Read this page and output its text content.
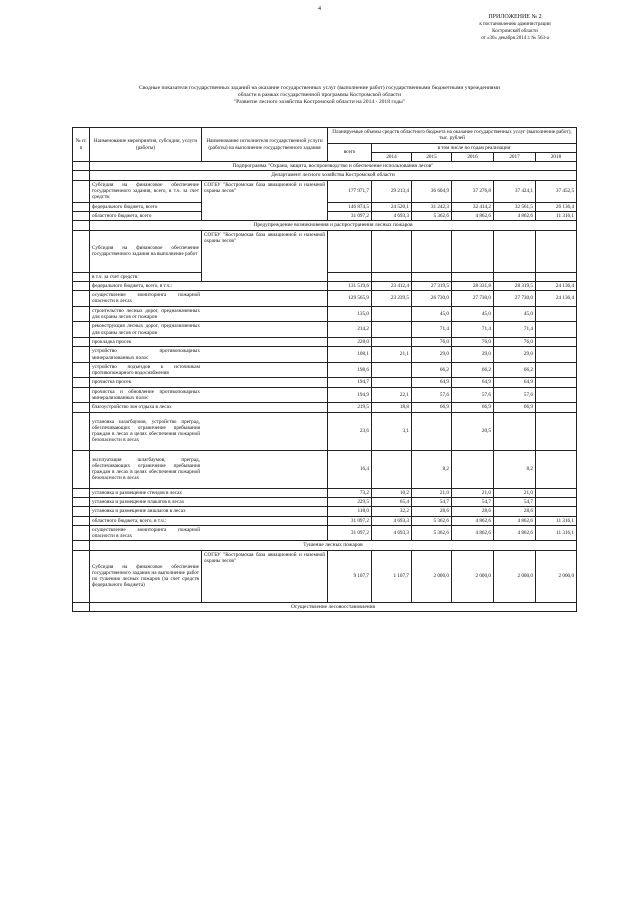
4
ПРИЛОЖЕНИЕ № 2
к постановлению администрации
Костромской области
от «30» декабря 2014 г. № 563-а
Сводные показатели государственных заданий на оказание государственных услуг (выполнение работ) государственными бюджетными учреждениями
области в рамках государственной программы Костромской области
"Развитие лесного хозяйства Костромской области на 2014 - 2018 годы"
№ п/п	Наименование мероприятия, субсидии, услуги (работы)	Наименование исполнителя государственной услуги (работы) на выполнение государственного задания	Планируемые объемы средств областного бюджета на оказание государственных услуг (выполнение работ), тыс. рублей					
			всего	в том числе по годам реализации				
				2014	2015	2016	2017	2018
	Подпрограмма "Охрана, защита, воспроизводство и обеспечение использования лесов"							
	Департамент лесного хозяйства Костромской области							
	Субсидия на финансовое обеспечение государственного задания, всего, в т.ч. за счет средств:	СОГБУ "Костромская база авиационной и наземной охраны лесов"	177 971,7	29 213,4	36 604,9	37 276,8	37 424,1	37 452,5
	федерального бюджета, всего		146 874,5	24 520,1	31 242,3	32 414,2	32 561,5	26 136,4
	областного бюджета, всего		31 097,2	4 693,3	5 362,6	4 862,6	4 862,6	11 316,1
	Предупреждение возникновения и распространения лесных пожаров							
	Субсидия на финансовое обеспечение государственного задания на выполнение работ	СОГБУ "Костромская база авиационной и наземной охраны лесов"						
	в т.ч. за счет средств:							

	федерального бюджета, всего, в т.ч.:		131 519,6	23 412,4	27 319,5	28 331,8	28 319,5	24 136,4

	осуществление мониторинга пожарной опасности в лесах		129 565,9	23 239,5	26 730,0	27 730,0	27 730,0	24 136,4

	строительство лесных дорог, предназначенных для охраны лесов от пожаров		135,0		45,0	45,0	45,0	

	реконструкция лесных дорог, предназначенных для охраны лесов от пожаров		214,2		71,4	71,4	71,4	

	прокладка просек		228,0		76,0	76,0	76,0	

	устройство противопожарных минерализованных полос		108,1	21,1	29,0	29,0	29,0	

	устройство подъездов к источникам противопожарного водоснабжения		198,6		66,2	66,2	66,2	

	прочистка просек		194,7		64,9	64,9	64,9	

	прочистка и обновление противопожарных минерализованных полос		194,9	22,1	57,6	57,6	57,6	

	благоустройство зон отдыха в лесах		219,5	18,8	66,9	66,9	66,9	

	установка шлагбаумов, устройство преград, обеспечивающих ограничение пребывания граждан в лесах в целях обеспечения пожарной безопасности в лесах		23,6	3,1		20,5		

	эксплуатация шлагбаумов, преград, обеспечивающих ограничение пребывания граждан в лесах в целях обеспечения пожарной безопасности в лесах		16,4		8,2		8,2	

	установка и размещение стендов в лесах		73,2	10,2	21,0	21,0	21,0	

	установка и размещение плакатов в лесах		229,5	65,4	54,7	54,7	54,7	

	установка и размещение аншлагов в лесах		118,0	32,2	28,6	28,6	28,6	

	областного бюджета, всего, в т.ч.:		31 097,2	4 693,3	5 362,6	4 862,6	4 862,6	11 316,1

	осуществление мониторинга пожарной опасности в лесах		31 097,2	4 693,3	5 362,6	4 862,6	4 862,6	11 316,1
	Тушение лесных пожаров							
	Субсидия на финансовое обеспечение государственного задания на выполнение работ по тушению лесных пожаров (за счет средств федерального бюджета)	СОГБУ "Костромская база авиационной и наземной охраны лесов"	9 107,7	1 107,7	2 000,0	2 000,0	2 000,0	2 000,0
	Осуществление лесовосстановления							
